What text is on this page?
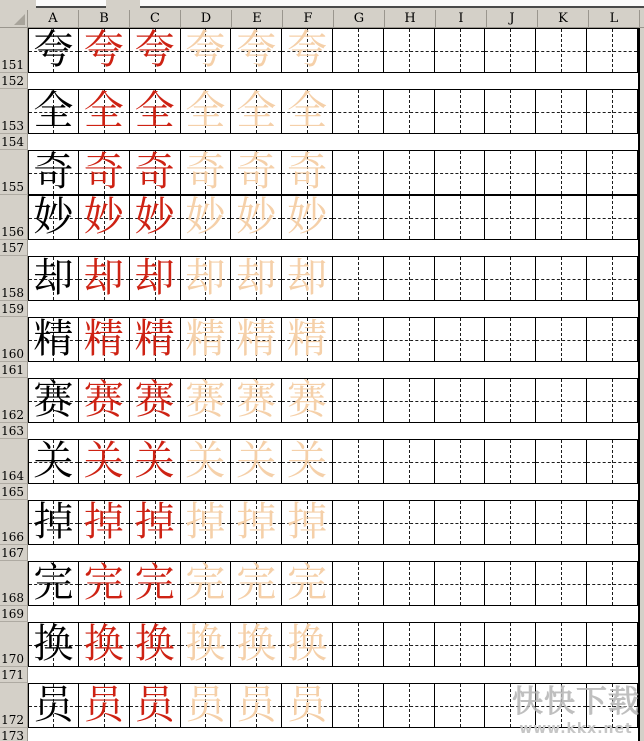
A	B	C	D	E	F	G	H	I	J	K	L
151 夸 夸 夸 夸 夸 夸
152
153 全 全 全 全 全 全
154
155 奇 奇 奇 奇 奇 奇
156 妙 妙 妙 妙 妙 妙
157
158 却 却 却 却 却 却
159
160 精 精 精 精 精 精
161
162 赛 赛 赛 赛 赛 赛
163
164 关 关 关 关 关 关
165
166 掉 掉 掉 掉 掉 掉
167
168 完 完 完 完 完 完
169
170 换 换 换 换 换 换
171
172 员 员 员 员 员 员
173
快快下载
www.kkx.net
